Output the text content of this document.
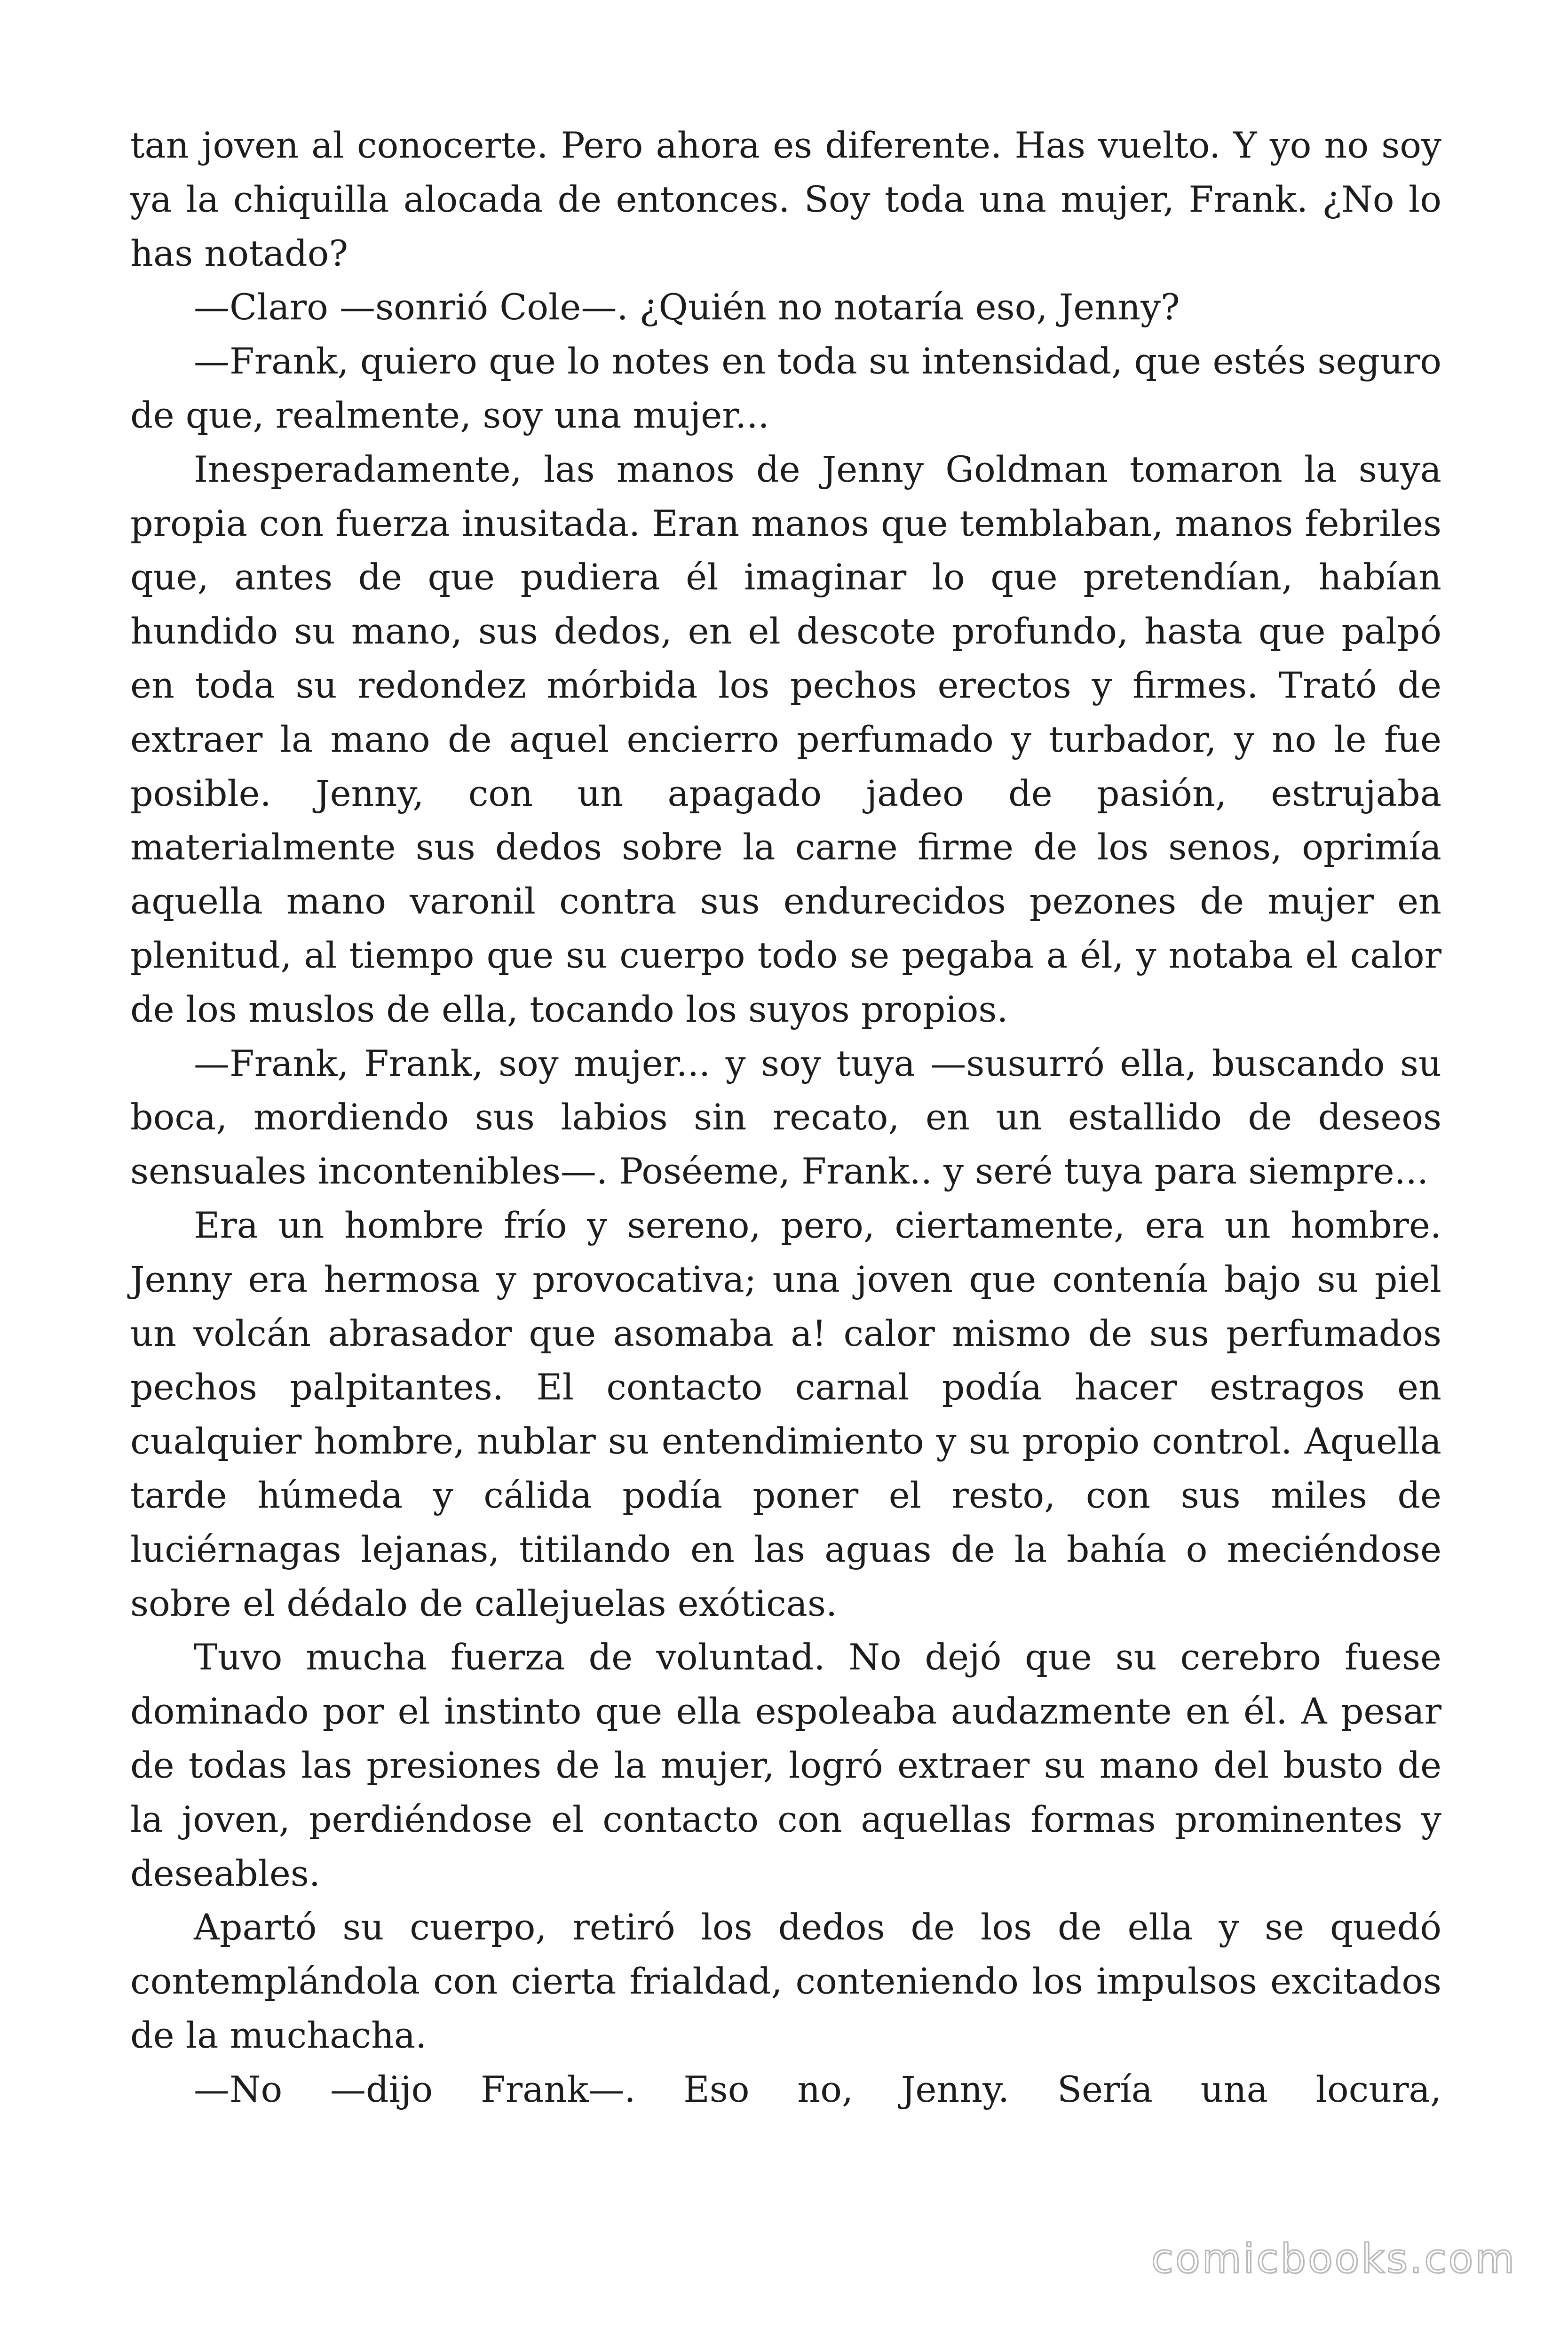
tan joven al conocerte. Pero ahora es diferente. Has vuelto. Y yo no soy ya la chiquilla alocada de entonces. Soy toda una mujer, Frank. ¿No lo has notado?

—Claro —sonrió Cole—. ¿Quién no notaría eso, Jenny?

—Frank, quiero que lo notes en toda su intensidad, que estés seguro de que, realmente, soy una mujer...

Inesperadamente, las manos de Jenny Goldman tomaron la suya propia con fuerza inusitada. Eran manos que temblaban, manos febriles que, antes de que pudiera él imaginar lo que pretendían, habían hundido su mano, sus dedos, en el descote profundo, hasta que palpó en toda su redondez mórbida los pechos erectos y firmes. Trató de extraer la mano de aquel encierro perfumado y turbador, y no le fue posible. Jenny, con un apagado jadeo de pasión, estrujaba materialmente sus dedos sobre la carne firme de los senos, oprimía aquella mano varonil contra sus endurecidos pezones de mujer en plenitud, al tiempo que su cuerpo todo se pegaba a él, y notaba el calor de los muslos de ella, tocando los suyos propios.

—Frank, Frank, soy mujer... y soy tuya —susurró ella, buscando su boca, mordiendo sus labios sin recato, en un estallido de deseos sensuales incontenibles—. Poséeme, Frank.. y seré tuya para siempre...

Era un hombre frío y sereno, pero, ciertamente, era un hombre. Jenny era hermosa y provocativa; una joven que contenía bajo su piel un volcán abrasador que asomaba a! calor mismo de sus perfumados pechos palpitantes. El contacto carnal podía hacer estragos en cualquier hombre, nublar su entendimiento y su propio control. Aquella tarde húmeda y cálida podía poner el resto, con sus miles de luciérnagas lejanas, titilando en las aguas de la bahía o meciéndose sobre el dédalo de callejuelas exóticas.

Tuvo mucha fuerza de voluntad. No dejó que su cerebro fuese dominado por el instinto que ella espoleaba audazmente en él. A pesar de todas las presiones de la mujer, logró extraer su mano del busto de la joven, perdiéndose el contacto con aquellas formas prominentes y deseables.

Apartó su cuerpo, retiró los dedos de los de ella y se quedó contemplándola con cierta frialdad, conteniendo los impulsos excitados de la muchacha.

—No —dijo Frank—. Eso no, Jenny. Sería una locura,

comicbooks.com
